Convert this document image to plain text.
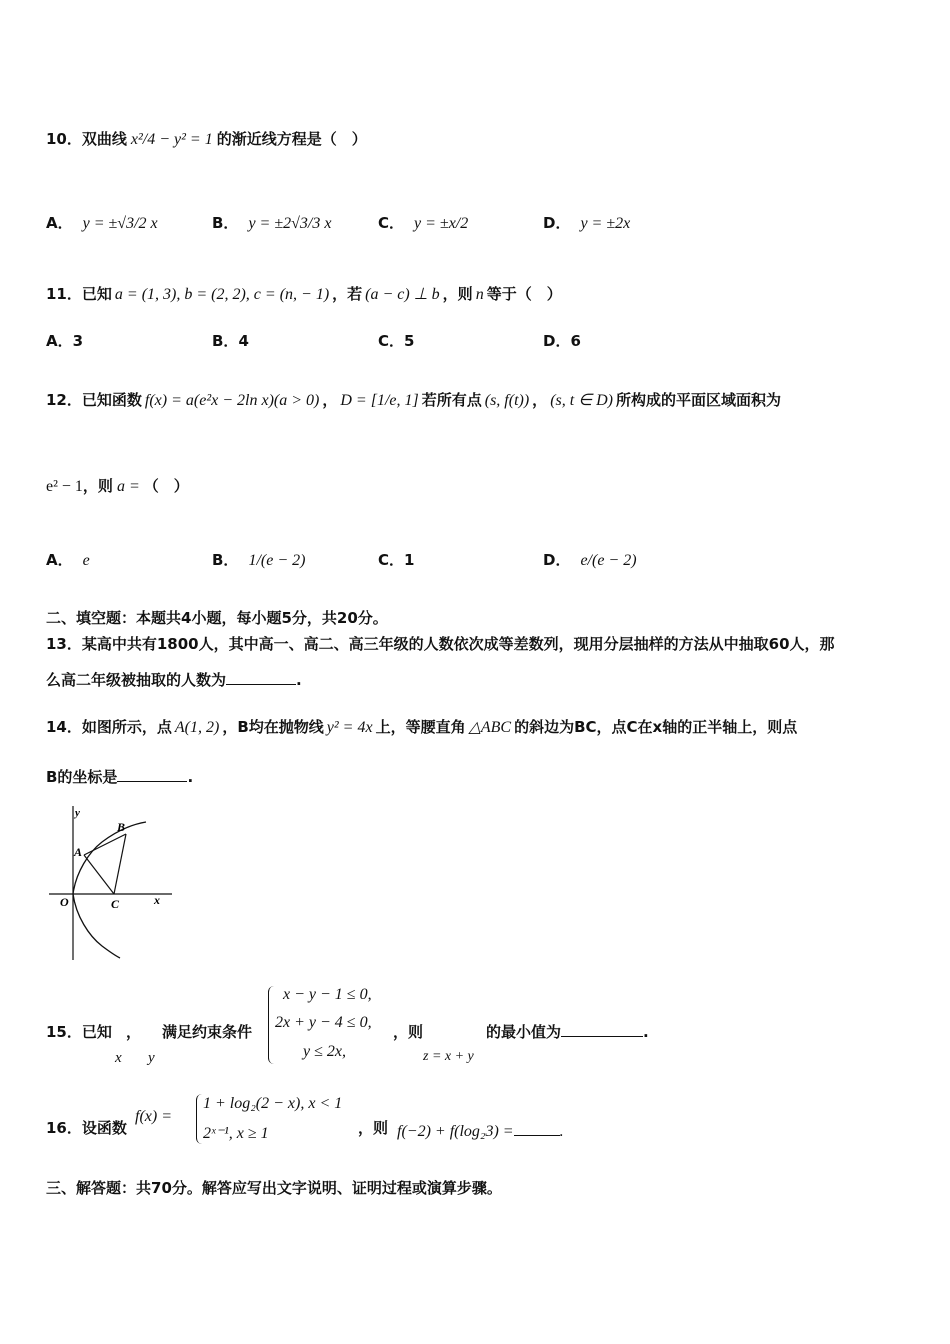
10．双曲线 x²/4 − y² = 1 的渐近线方程是（　）
A． y = ±√3/2 x	B． y = ±2√3/3 x	C． y = ±x/2	D． y = ±2x
11．已知 a = (1, 3), b = (2, 2), c = (n, − 1) ，若 (a − c) ⊥ b ，则 n 等于（　）
A．3	B．4	C．5	D．6
12．已知函数 f(x) = a(e²x − 2ln x)(a > 0) ， D = [1/e, 1] 若所有点 (s, f(t)) ， (s, t ∈ D) 所构成的平面区域面积为
e² − 1，则 a = （　）
A． e	B． 1/(e − 2)	C．1	D． e/(e − 2)
二、填空题：本题共4小题，每小题5分，共20分。
13．某高中共有1800人，其中高一、高二、高三年级的人数依次成等差数列，现用分层抽样的方法从中抽取60人，那
么高二年级被抽取的人数为	.
14．如图所示，点 A(1, 2) ，B均在抛物线 y² = 4x 上，等腰直角 △ABC 的斜边为BC，点C在x轴的正半轴上，则点
B的坐标是	.
y
x
O
A
B
C
15．已知
x
，
y
满足约束条件
x − y − 1 ≤ 0,
2x + y − 4 ≤ 0,
y ≤ 2x,
，则
z = x + y
的最小值为	.
16．设函数
f(x) =
1 + log₂(2 − x), x < 1
2ˣ⁻¹, x ≥ 1	，则 f(−2) + f(log₂3) =	.
三、解答题：共70分。解答应写出文字说明、证明过程或演算步骤。
